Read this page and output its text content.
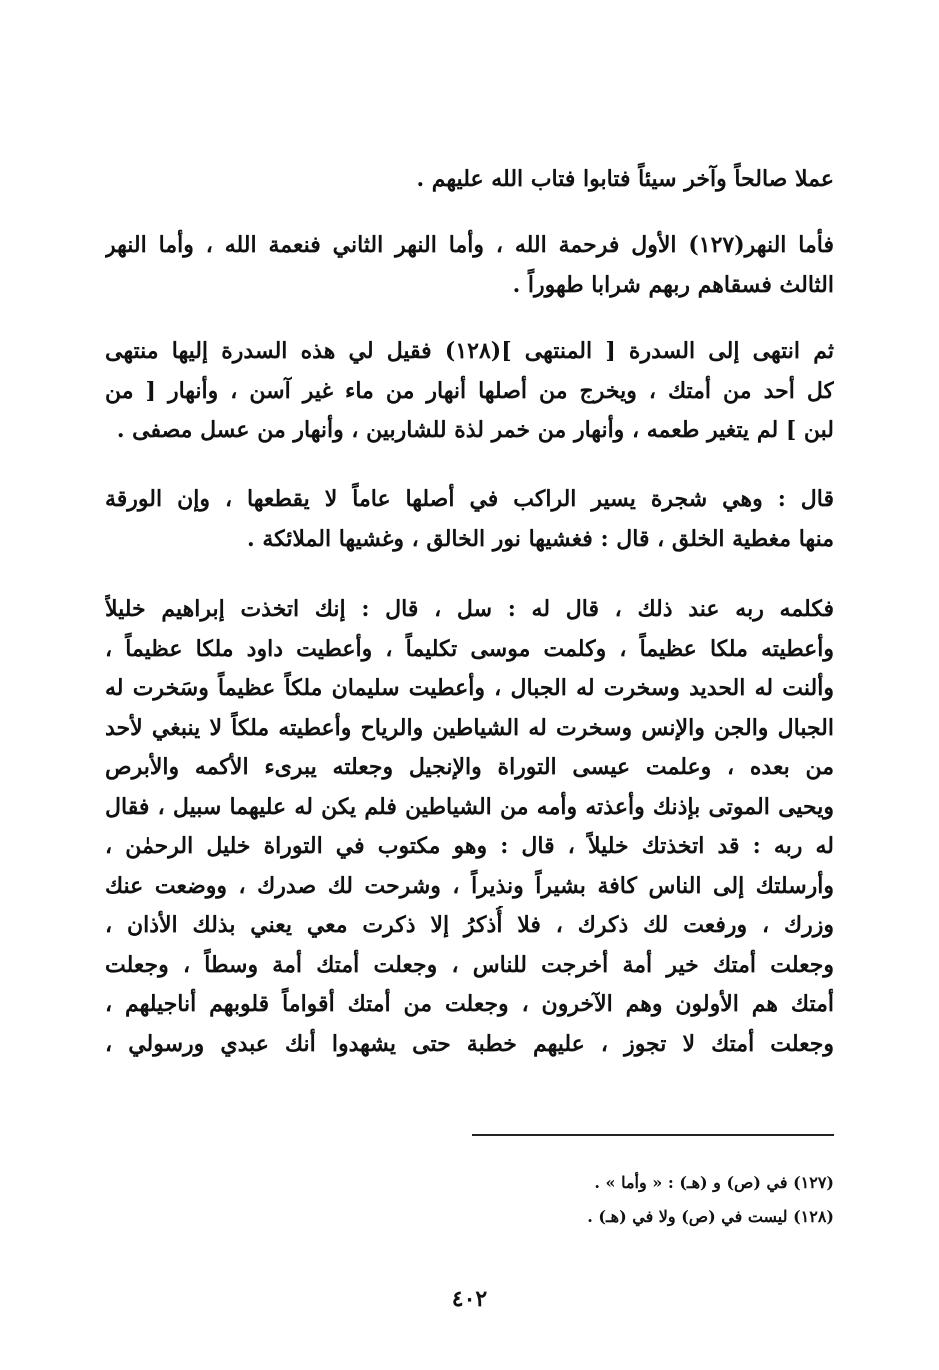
عملا صالحاً وآخر سيئاً فتابوا فتاب الله عليهم .
فأما النهر(١٢٧) الأول فرحمة الله ، وأما النهر الثاني فنعمة الله ، وأما النهر
الثالث فسقاهم ربهم شرابا طهوراً .
ثم انتهى إلى السدرة [ المنتهى ](١٢٨) فقيل لي هذه السدرة إليها منتهى
كل أحد من أمتك ، ويخرج من أصلها أنهار من ماء غير آسن ، وأنهار [ من
لبن ] لم يتغير طعمه ، وأنهار من خمر لذة للشاربين ، وأنهار من عسل مصفى .
قال : وهي شجرة يسير الراكب في أصلها عاماً لا يقطعها ، وإن الورقة
منها مغطية الخلق ، قال : فغشيها نور الخالق ، وغشيها الملائكة .
فكلمه ربه عند ذلك ، قال له : سل ، قال : إنك اتخذت إبراهيم خليلاً
وأعطيته ملكا عظيماً ، وكلمت موسى تكليماً ، وأعطيت داود ملكا عظيماً ،
وألنت له الحديد وسخرت له الجبال ، وأعطيت سليمان ملكاً عظيماً وسَخرت له
الجبال والجن والإنس وسخرت له الشياطين والرياح وأعطيته ملكاً لا ينبغي لأحد
من بعده ، وعلمت عيسى التوراة والإنجيل وجعلته يبرىء الأكمه والأبرص
ويحيى الموتى بإذنك وأعذته وأمه من الشياطين فلم يكن له عليهما سبيل ، فقال
له ربه : قد اتخذتك خليلاً ، قال : وهو مكتوب في التوراة خليل الرحمٰن ،
وأرسلتك إلى الناس كافة بشيراً ونذيراً ، وشرحت لك صدرك ، ووضعت عنك
وزرك ، ورفعت لك ذكرك ، فلا أُذكرُ إلا ذكرت معي يعني بذلك الأذان ،
وجعلت أمتك خير أمة أخرجت للناس ، وجعلت أمتك أمة وسطاً ، وجعلت
أمتك هم الأولون وهم الآخرون ، وجعلت من أمتك أقواماً قلوبهم أناجيلهم ،
وجعلت أمتك لا تجوز ، عليهم خطبة حتى يشهدوا أنك عبدي ورسولي ،
(١٢٧) في (ص) و (هـ) : « وأما » .
(١٢٨) ليست في (ص) ولا في (هـ) .
٤٠٢
